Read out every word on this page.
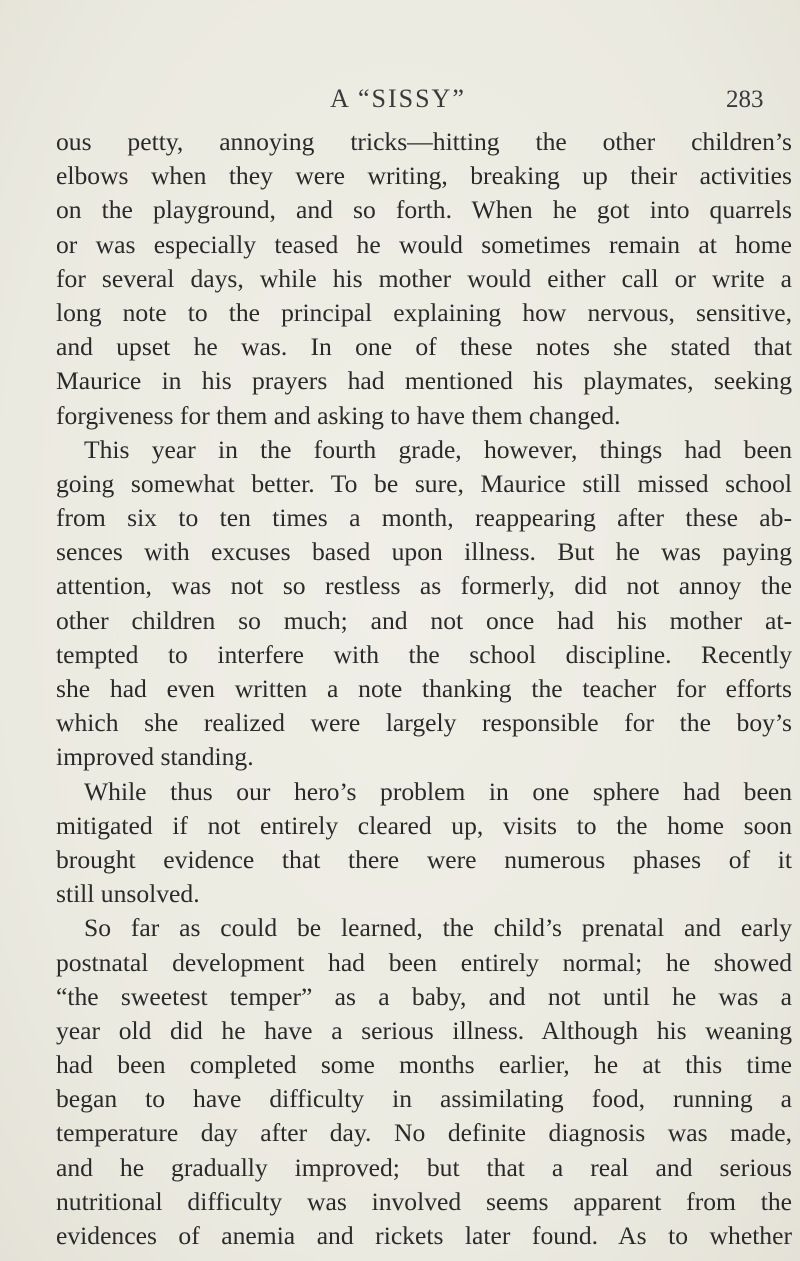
A “SISSY”	283
ous petty, annoying tricks—hitting the other children’s
elbows when they were writing, breaking up their activities
on the playground, and so forth. When he got into quarrels
or was especially teased he would sometimes remain at home
for several days, while his mother would either call or write a
long note to the principal explaining how nervous, sensitive,
and upset he was. In one of these notes she stated that
Maurice in his prayers had mentioned his playmates, seeking
forgiveness for them and asking to have them changed.
This year in the fourth grade, however, things had been
going somewhat better. To be sure, Maurice still missed school
from six to ten times a month, reappearing after these ab-
sences with excuses based upon illness. But he was paying
attention, was not so restless as formerly, did not annoy the
other children so much; and not once had his mother at-
tempted to interfere with the school discipline. Recently
she had even written a note thanking the teacher for efforts
which she realized were largely responsible for the boy’s
improved standing.
While thus our hero’s problem in one sphere had been
mitigated if not entirely cleared up, visits to the home soon
brought evidence that there were numerous phases of it
still unsolved.
So far as could be learned, the child’s prenatal and early
postnatal development had been entirely normal; he showed
“the sweetest temper” as a baby, and not until he was a
year old did he have a serious illness. Although his weaning
had been completed some months earlier, he at this time
began to have difficulty in assimilating food, running a
temperature day after day. No definite diagnosis was made,
and he gradually improved; but that a real and serious
nutritional difficulty was involved seems apparent from the
evidences of anemia and rickets later found. As to whether
